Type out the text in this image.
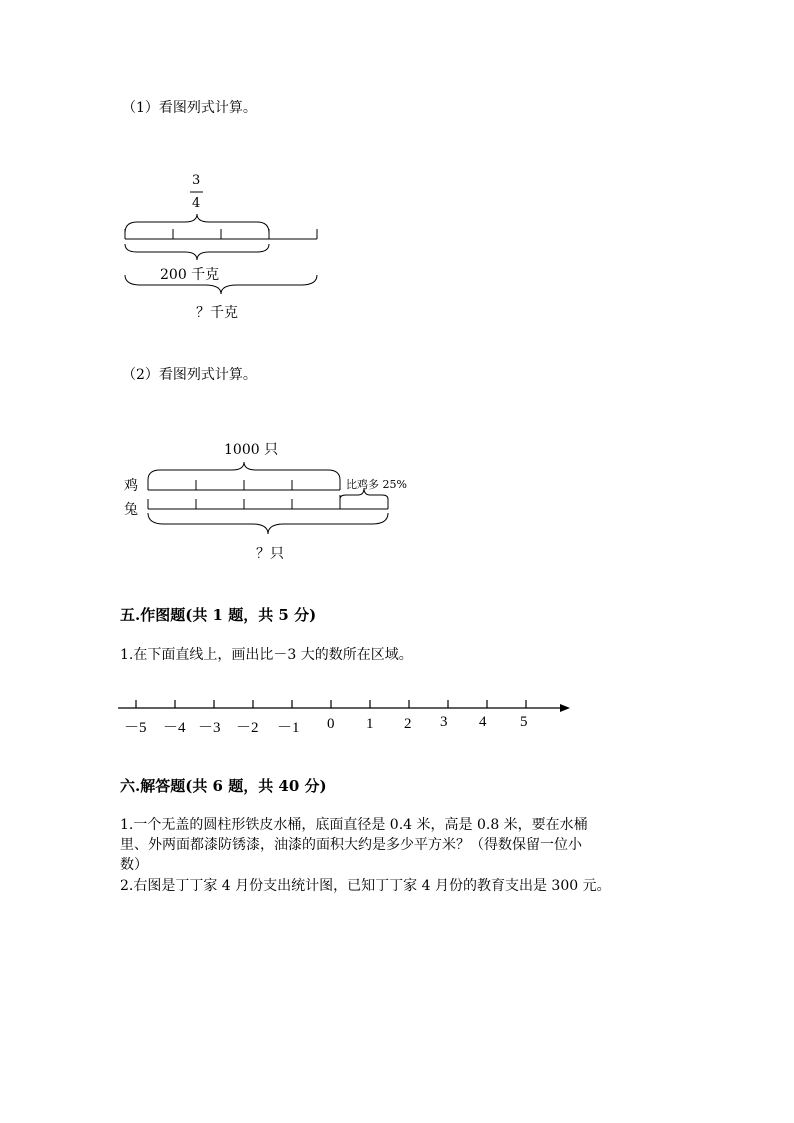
（1）看图列式计算。
3
4
200 千克
？千克
（2）看图列式计算。
1000 只
鸡
兔
比鸡多 25%
？只
五.作图题(共 1 题，共 5 分)
1.在下面直线上，画出比－3 大的数所在区域。
－5 －4 －3 －2 －1 0 1 2 3 4 5
六.解答题(共 6 题，共 40 分)
1.一个无盖的圆柱形铁皮水桶，底面直径是 0.4 米，高是 0.8 米，要在水桶
里、外两面都漆防锈漆，油漆的面积大约是多少平方米？（得数保留一位小
数）
2.右图是丁丁家 4 月份支出统计图，已知丁丁家 4 月份的教育支出是 300 元。
